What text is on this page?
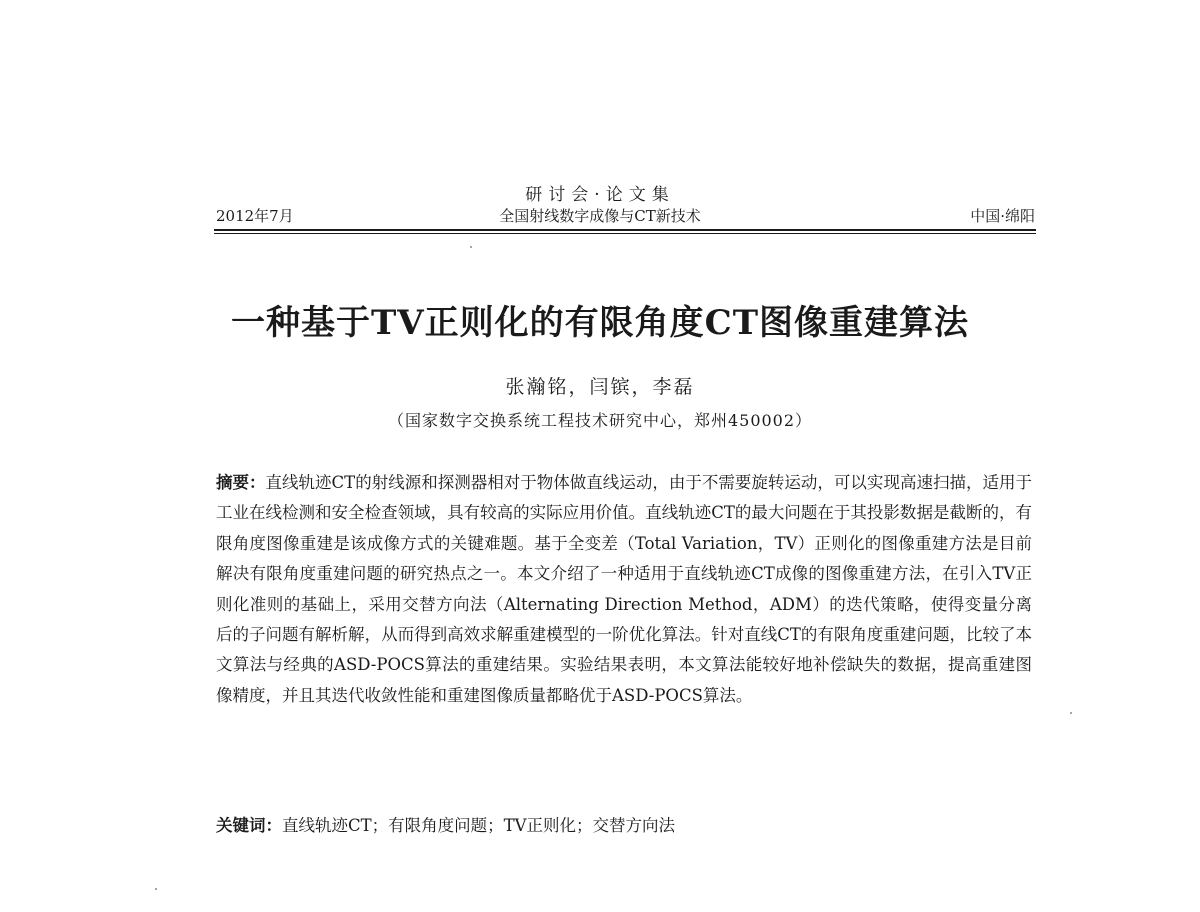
研讨会·论文集
全国射线数字成像与CT新技术
2012年7月	中国·绵阳
一种基于TV正则化的有限角度CT图像重建算法
张瀚铭，闫镔，李磊
（国家数字交换系统工程技术研究中心，郑州450002）

摘要：直线轨迹CT的射线源和探测器相对于物体做直线运动，由于不需要旋转运动，可以实现高速扫描，适用于工业在线检测和安全检查领域，具有较高的实际应用价值。直线轨迹CT的最大问题在于其投影数据是截断的，有限角度图像重建是该成像方式的关键难题。基于全变差（Total Variation，TV）正则化的图像重建方法是目前解决有限角度重建问题的研究热点之一。本文介绍了一种适用于直线轨迹CT成像的图像重建方法，在引入TV正则化准则的基础上，采用交替方向法（Alternating Direction Method，ADM）的迭代策略，使得变量分离后的子问题有解析解，从而得到高效求解重建模型的一阶优化算法。针对直线CT的有限角度重建问题，比较了本文算法与经典的ASD-POCS算法的重建结果。实验结果表明，本文算法能较好地补偿缺失的数据，提高重建图像精度，并且其迭代收敛性能和重建图像质量都略优于ASD-POCS算法。

关键词：直线轨迹CT；有限角度问题；TV正则化；交替方向法
